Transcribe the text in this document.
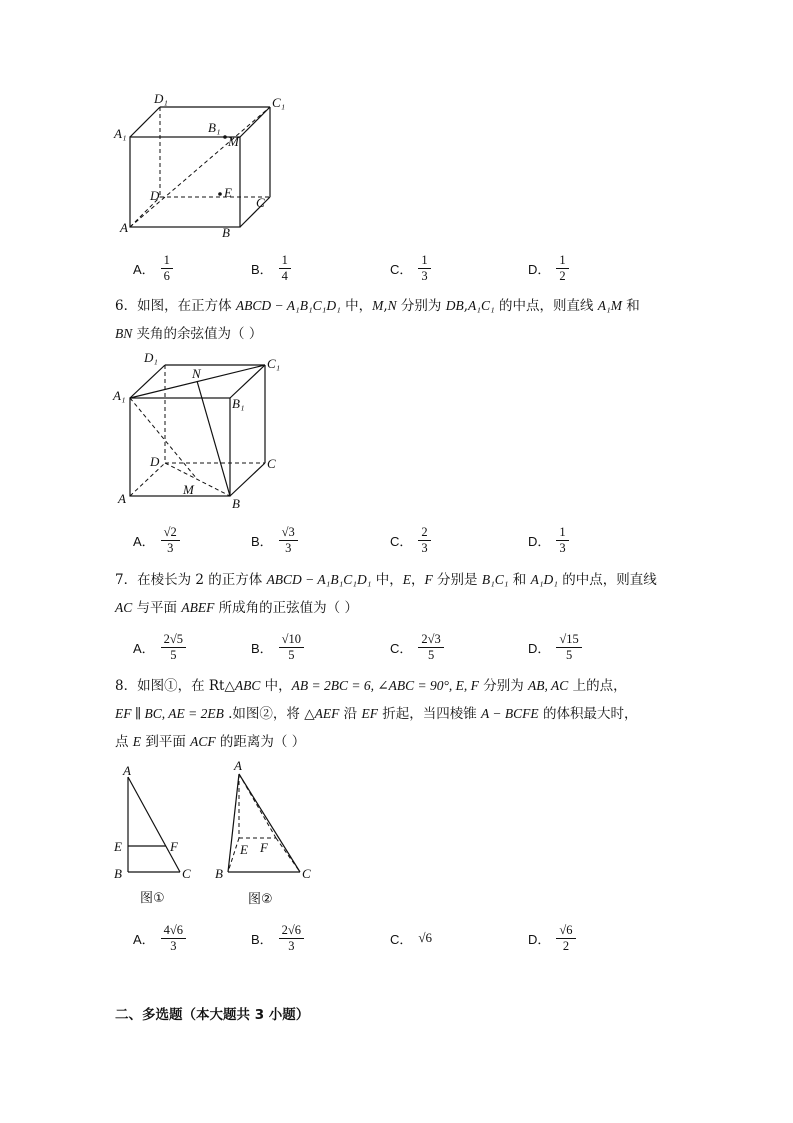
D₁	C₁
A₁	B₁
M
D	E
C
A	B
A． $\frac{1}{6}$	B． $\frac{1}{4}$	C． $\frac{1}{3}$	D． $\frac{1}{2}$
6．如图，在正方体 ABCD − A₁B₁C₁D₁ 中，M,N 分别为 DB,A₁C₁ 的中点，则直线 A₁M 和
BN 夹角的余弦值为（ ）
D₁
N
C₁
A₁
B₁
D	C
M
A	B
A． $\frac{√2}{3}$	B． $\frac{√3}{3}$	C． $\frac{2}{3}$	D． $\frac{1}{3}$
7．在棱长为 2 的正方体 ABCD − A₁B₁C₁D₁ 中，E，F 分别是 B₁C₁ 和 A₁D₁ 的中点，则直线
AC 与平面 ABEF 所成角的正弦值为（ ）
A． $\frac{2√5}{5}$	B． $\frac{√10}{5}$	C． $\frac{2√3}{5}$	D． $\frac{√15}{5}$
8．如图①，在 Rt△ABC 中，AB = 2BC = 6, ∠ABC = 90°, E, F 分别为 AB, AC 上的点，
EF ∥ BC, AE = 2EB .如图②，将 △AEF 沿 EF 折起，当四棱锥 A − BCFE 的体积最大时，
点 E 到平面 ACF 的距离为（ ）
A
E	F
B	C
图①
A
E F
B	C
图②
A． $\frac{4√6}{3}$	B． $\frac{2√6}{3}$	C． √6	D． $\frac{√6}{2}$
二、多选题（本大题共 3 小题）
